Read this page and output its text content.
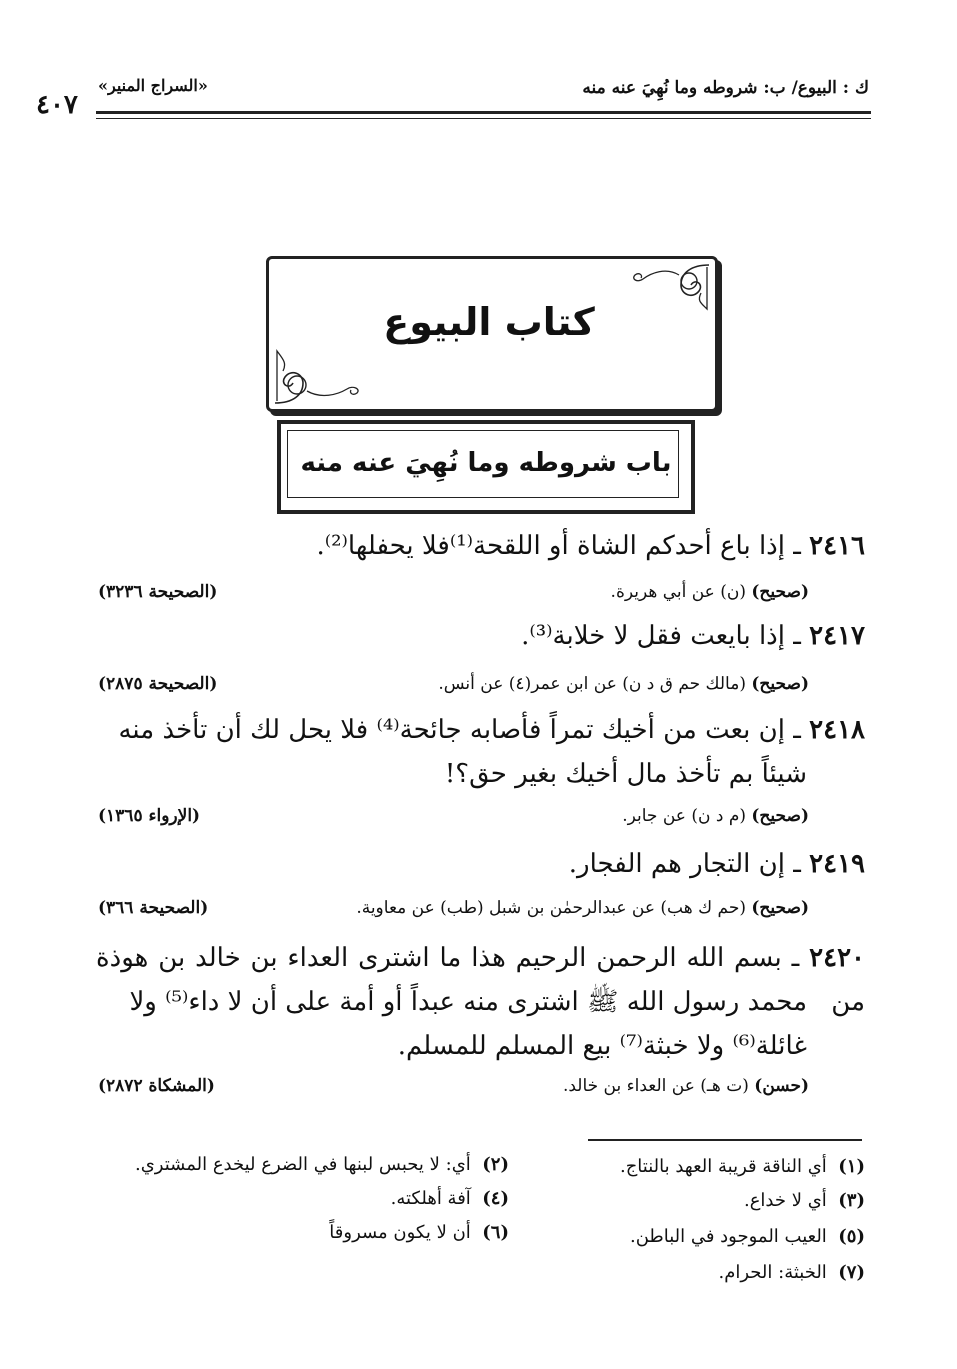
ك : البيوع/ ب: شروطه وما نُهِيَ عنه منه
«السراج المنير»
٤٠٧
كتاب البيوع
باب شروطه وما نُهِيَ عنه منه
٢٤١٦ ـ إذا باع أحدكم الشاة أو اللقحة⁽¹⁾فلا يحفلها⁽²⁾.
(صحيح) (ن) عن أبي هريرة.
(الصحيحة ٣٢٣٦)
٢٤١٧ ـ إذا بايعت فقل لا خلابة⁽³⁾.
(صحيح) (مالك حم ق د ن) عن ابن عمر(٤) عن أنس.
(الصحيحة ٢٨٧٥)
٢٤١٨ ـ إن بعت من أخيك تمراً فأصابه جائحة⁽⁴⁾ فلا يحل لك أن تأخذ منه
شيئاً بم تأخذ مال أخيك بغير حق؟!
(صحيح) (م د ن) عن جابر.
(الإرواء ١٣٦٥)
٢٤١٩ ـ إن التجار هم الفجار.
(صحيح) (حم ك هب) عن عبدالرحمٰن بن شبل (طب) عن معاوية.
(الصحيحة ٣٦٦)
٢٤٢٠ ـ بسم الله الرحمن الرحيم هذا ما اشترى العداء بن خالد بن هوذة من
محمد رسول الله ﷺ اشترى منه عبداً أو أمة على أن لا داء⁽⁵⁾ ولا
غائلة⁽⁶⁾ ولا خبثة⁽⁷⁾ بيع المسلم للمسلم.
(حسن) (ت هـ) عن العداء بن خالد.
(المشكاة ٢٨٧٢)
(١)  أي الناقة قريبة العهد بالنتاج.
(٢)  أي: لا يحبس لبنها في الضرع ليخدع المشتري.
(٣)  أي لا خداع.
(٤)  آفة أهلكته.
(٥)  العيب الموجود في الباطن.
(٦)  أن لا يكون مسروقاً
(٧)  الخبثة: الحرام.
